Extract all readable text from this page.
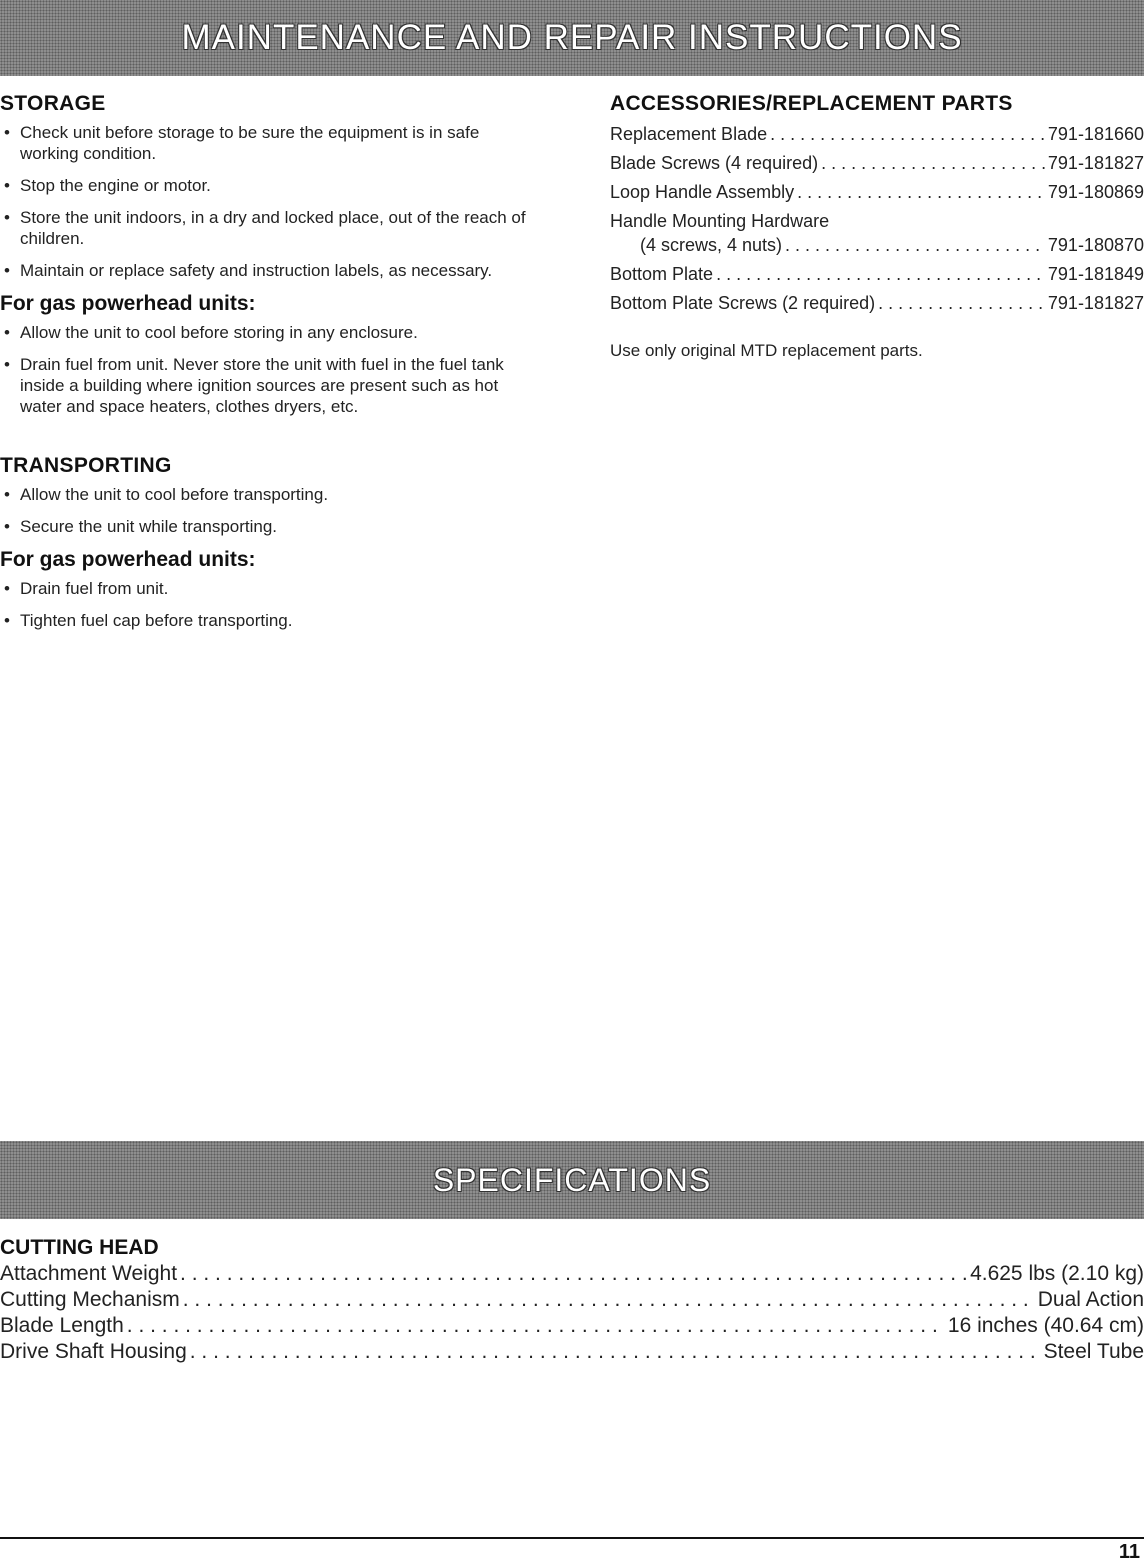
MAINTENANCE AND REPAIR INSTRUCTIONS
STORAGE
• Check unit before storage to be sure the equipment is in safe working condition.
• Stop the engine or motor.
• Store the unit indoors, in a dry and locked place, out of the reach of children.
• Maintain or replace safety and instruction labels, as necessary.
For gas powerhead units:
• Allow the unit to cool before storing in any enclosure.
• Drain fuel from unit. Never store the unit with fuel in the fuel tank inside a building where ignition sources are present such as hot water and space heaters, clothes dryers, etc.
TRANSPORTING
• Allow the unit to cool before transporting.
• Secure the unit while transporting.
For gas powerhead units:
• Drain fuel from unit.
• Tighten fuel cap before transporting.
ACCESSORIES/REPLACEMENT PARTS
Replacement Blade . . .	791-181660
Blade Screws (4 required) . . .	791-181827
Loop Handle Assembly . . .	791-180869
Handle Mounting Hardware
(4 screws, 4 nuts) . . .	791-180870
Bottom Plate . . .	791-181849
Bottom Plate Screws (2 required) . . .	791-181827
Use only original MTD replacement parts.
SPECIFICATIONS
CUTTING HEAD
Attachment Weight . . .	4.625 lbs (2.10 kg)
Cutting Mechanism . . .	Dual Action
Blade Length . . .	16 inches (40.64 cm)
Drive Shaft Housing . . .	Steel Tube
11
